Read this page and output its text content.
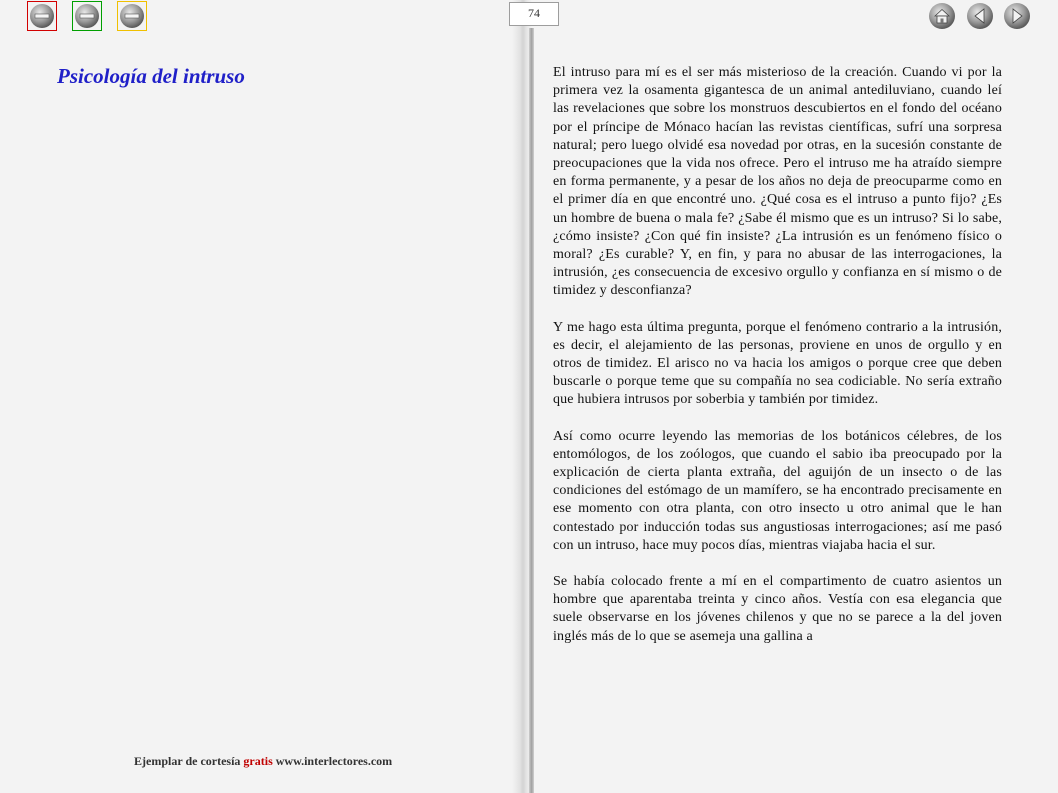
74
Psicología del intruso	El intruso para mí es el ser más misterioso de la creación. Cuando vi por la primera vez la osamenta gigantesca de un animal antediluviano, cuando leí las revelaciones que sobre los monstruos descubiertos en el fondo del océano por el príncipe de Mónaco hacían las revistas científicas, sufrí una sorpresa natural; pero luego olvidé esa novedad por otras, en la sucesión constante de preocupaciones que la vida nos ofrece. Pero el intruso me ha atraído siempre en forma permanente, y a pesar de los años no deja de preocuparme como en el primer día en que encontré uno. ¿Qué cosa es el intruso a punto fijo? ¿Es un hombre de buena o mala fe? ¿Sabe él mismo que es un intruso? Si lo sabe, ¿cómo insiste? ¿Con qué fin insiste? ¿La intrusión es un fenómeno físico o moral? ¿Es curable? Y, en fin, y para no abusar de las interrogaciones, la intrusión, ¿es consecuencia de excesivo orgullo y confianza en sí mismo o de timidez y desconfianza?

Y me hago esta última pregunta, porque el fenómeno contrario a la intrusión, es decir, el alejamiento de las personas, proviene en unos de orgullo y en otros de timidez. El arisco no va hacia los amigos o porque cree que deben buscarle o porque teme que su compañía no sea codiciable. No sería extraño que hubiera intrusos por soberbia y también por timidez.

Así como ocurre leyendo las memorias de los botánicos célebres, de los entomólogos, de los zoólogos, que cuando el sabio iba preocupado por la explicación de cierta planta extraña, del aguijón de un insecto o de las condiciones del estómago de un mamífero, se ha encontrado precisamente en ese momento con otra planta, con otro insecto u otro animal que le han contestado por inducción todas sus angustiosas interrogaciones; así me pasó con un intruso, hace muy pocos días, mientras viajaba hacia el sur.

Se había colocado frente a mí en el compartimento de cuatro asientos un hombre que aparentaba treinta y cinco años. Vestía con esa elegancia que suele observarse en los jóvenes chilenos y que no se parece a la del joven inglés más de lo que se asemeja una gallina a

Ejemplar de cortesía gratis www.interlectores.com
